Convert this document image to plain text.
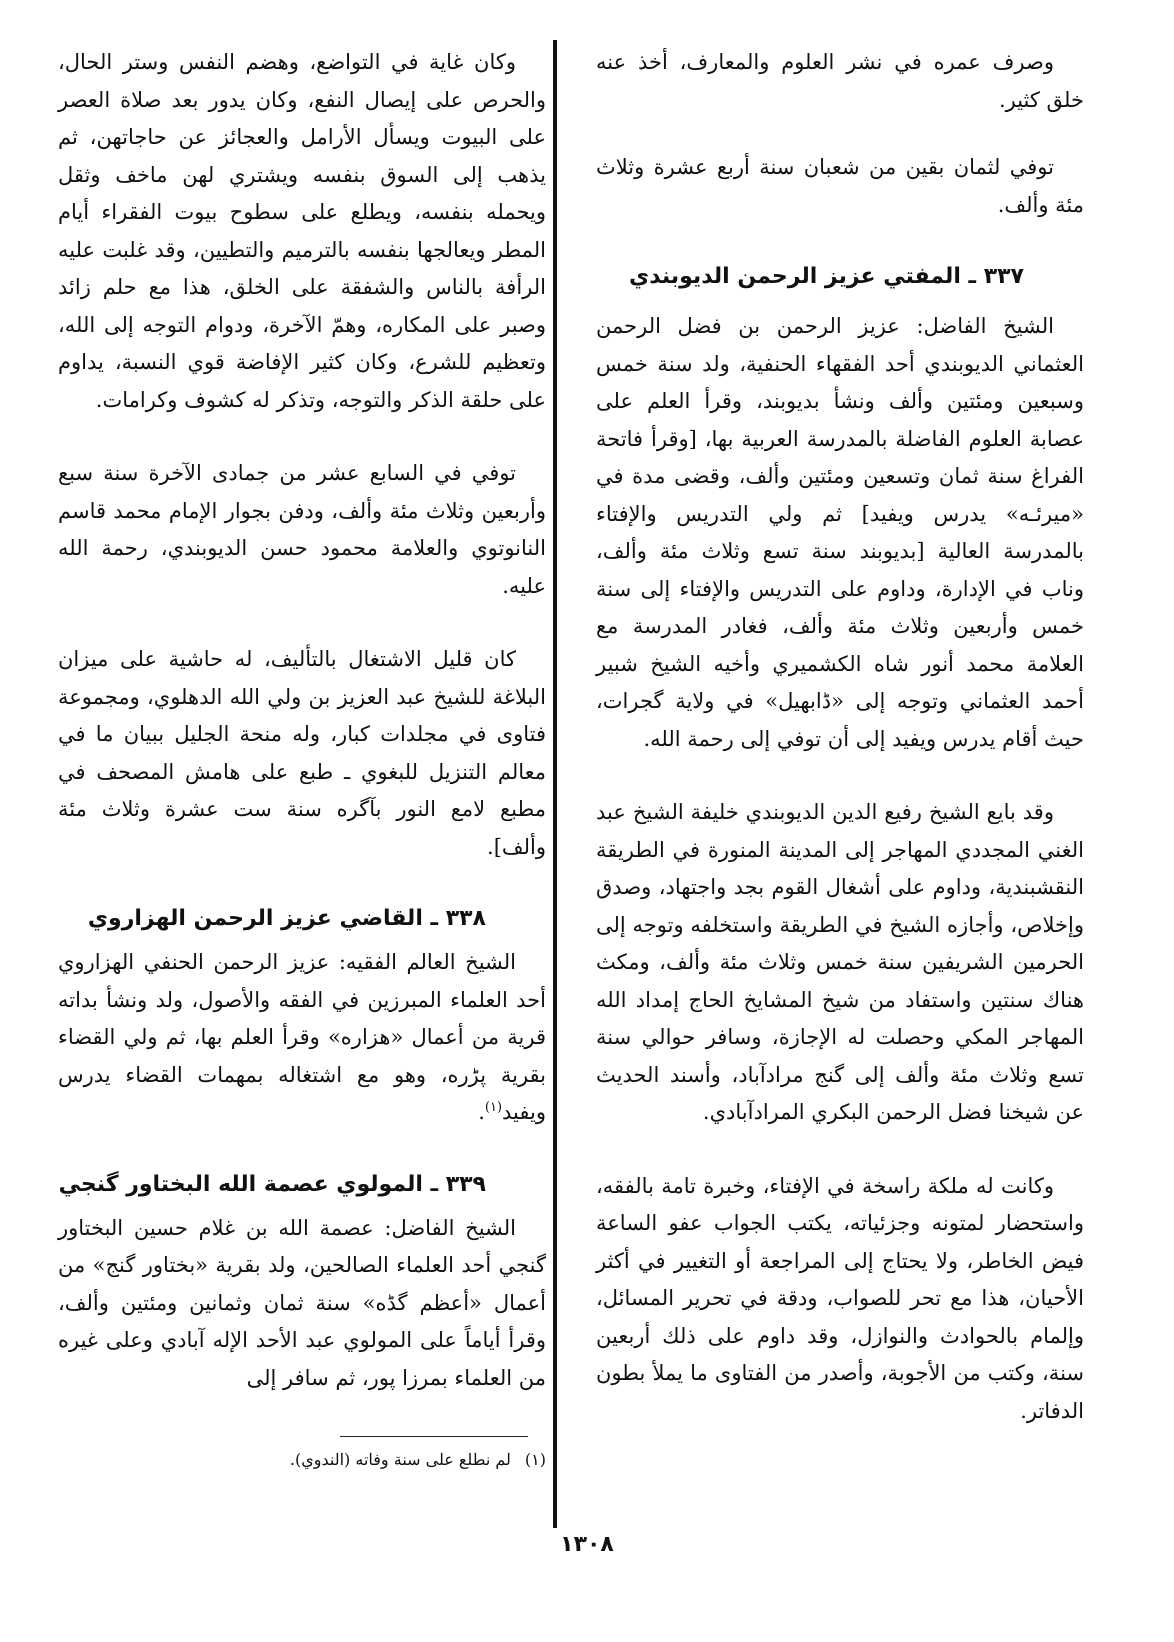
وصرف عمره في نشر العلوم والمعارف، أخذ عنه خلق كثير.

توفي لثمان بقين من شعبان سنة أربع عشرة وثلاث مئة وألف.

٣٣٧ ـ المفتي عزيز الرحمن الديوبندي

الشيخ الفاضل: عزيز الرحمن بن فضل الرحمن العثماني الديوبندي أحد الفقهاء الحنفية، ولد سنة خمس وسبعين ومئتين وألف ونشأ بديوبند، وقرأ العلم على عصابة العلوم الفاضلة بالمدرسة العربية بها، [وقرأ فاتحة الفراغ سنة ثمان وتسعين ومئتين وألف، وقضى مدة في «ميرئـه» يدرس ويفيد] ثم ولي التدريس والإفتاء بالمدرسة العالية [بديوبند سنة تسع وثلاث مئة وألف، وناب في الإدارة، وداوم على التدريس والإفتاء إلى سنة خمس وأربعين وثلاث مئة وألف، فغادر المدرسة مع العلامة محمد أنور شاه الكشميري وأخيه الشيخ شبير أحمد العثماني وتوجه إلى «ڈابهيل» في ولاية گجرات، حيث أقام يدرس ويفيد إلى أن توفي إلى رحمة الله.

وقد بايع الشيخ رفيع الدين الديوبندي خليفة الشيخ عبد الغني المجددي المهاجر إلى المدينة المنورة في الطريقة النقشبندية، وداوم على أشغال القوم بجد واجتهاد، وصدق وإخلاص، وأجازه الشيخ في الطريقة واستخلفه وتوجه إلى الحرمين الشريفين سنة خمس وثلاث مئة وألف، ومكث هناك سنتين واستفاد من شيخ المشايخ الحاج إمداد الله المهاجر المكي وحصلت له الإجازة، وسافر حوالي سنة تسع وثلاث مئة وألف إلى گنج مرادآباد، وأسند الحديث عن شيخنا فضل الرحمن البكري المرادآبادي.

وكانت له ملكة راسخة في الإفتاء، وخبرة تامة بالفقه، واستحضار لمتونه وجزئياته، يكتب الجواب عفو الساعة فيض الخاطر، ولا يحتاج إلى المراجعة أو التغيير في أكثر الأحيان، هذا مع تحر للصواب، ودقة في تحرير المسائل، وإلمام بالحوادث والنوازل، وقد داوم على ذلك أربعين سنة، وكتب من الأجوبة، وأصدر من الفتاوى ما يملأ بطون الدفاتر.

وكان غاية في التواضع، وهضم النفس وستر الحال، والحرص على إيصال النفع، وكان يدور بعد صلاة العصر على البيوت ويسأل الأرامل والعجائز عن حاجاتهن، ثم يذهب إلى السوق بنفسه ويشتري لهن ماخف وثقل ويحمله بنفسه، ويطلع على سطوح بيوت الفقراء أيام المطر ويعالجها بنفسه بالترميم والتطيين، وقد غلبت عليه الرأفة بالناس والشفقة على الخلق، هذا مع حلم زائد وصبر على المكاره، وهمّ الآخرة، ودوام التوجه إلى الله، وتعظيم للشرع، وكان كثير الإفاضة قوي النسبة، يداوم على حلقة الذكر والتوجه، وتذكر له كشوف وكرامات.

توفي في السابع عشر من جمادى الآخرة سنة سبع وأربعين وثلاث مئة وألف، ودفن بجوار الإمام محمد قاسم النانوتوي والعلامة محمود حسن الديوبندي، رحمة الله عليه.

كان قليل الاشتغال بالتأليف، له حاشية على ميزان البلاغة للشيخ عبد العزيز بن ولي الله الدهلوي، ومجموعة فتاوى في مجلدات كبار، وله منحة الجليل ببيان ما في معالم التنزيل للبغوي ـ طبع على هامش المصحف في مطبع لامع النور بآگره سنة ست عشرة وثلاث مئة وألف].

٣٣٨ ـ القاضي عزيز الرحمن الهزاروي

الشيخ العالم الفقيه: عزيز الرحمن الحنفي الهزاروي أحد العلماء المبرزين في الفقه والأصول، ولد ونشأ بداته قرية من أعمال «هزاره» وقرأ العلم بها، ثم ولي القضاء بقرية پڑره، وهو مع اشتغاله بمهمات القضاء يدرس ويفيد$^{(١)}$.

٣٣٩ ـ المولوي عصمة الله البختاور گنجي

الشيخ الفاضل: عصمة الله بن غلام حسين البختاور گنجي أحد العلماء الصالحين، ولد بقرية «بختاور گنج» من أعمال «أعظم گڈه» سنة ثمان وثمانين ومئتين وألف، وقرأ أياماً على المولوي عبد الأحد الإله آبادي وعلى غيره من العلماء بمرزا پور، ثم سافر إلى

(١)لم نطلع على سنة وفاته (الندوي).
١٣٠٨
